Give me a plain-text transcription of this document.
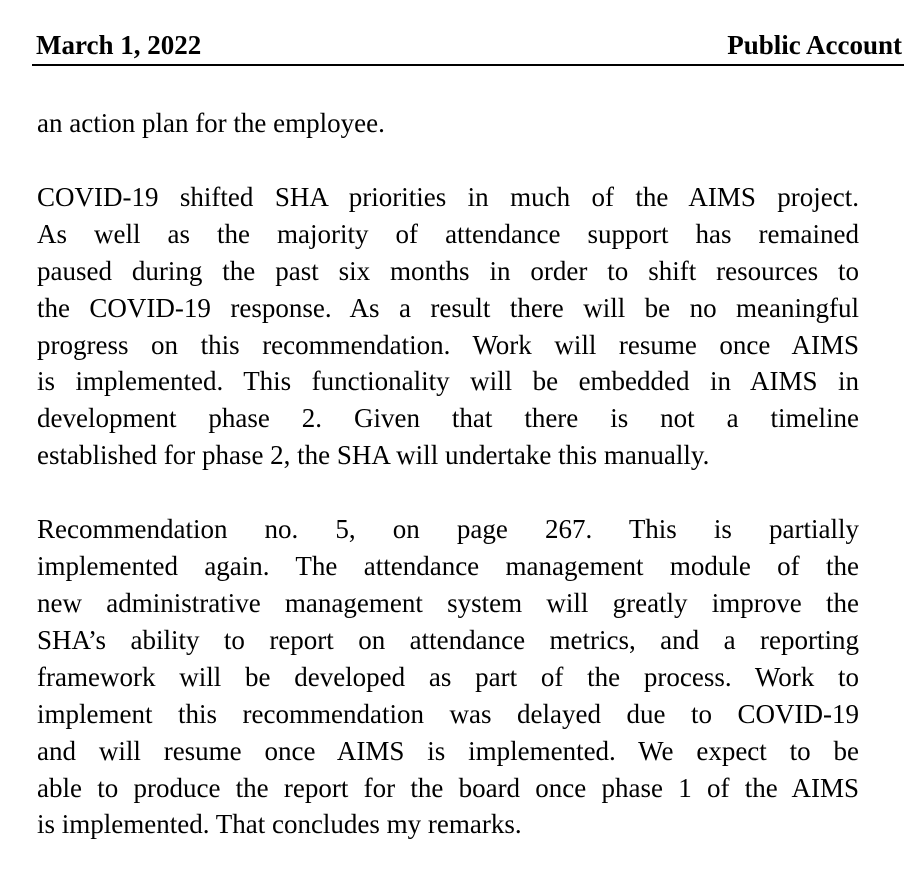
March 1, 2022	Public Account

an action plan for the employee.

COVID-19 shifted SHA priorities in much of the AIMS project.
As well as the majority of attendance support has remained
paused during the past six months in order to shift resources to
the COVID-19 response. As a result there will be no meaningful
progress on this recommendation. Work will resume once AIMS
is implemented. This functionality will be embedded in AIMS in
development phase 2. Given that there is not a timeline
established for phase 2, the SHA will undertake this manually.

Recommendation no. 5, on page 267. This is partially
implemented again. The attendance management module of the
new administrative management system will greatly improve the
SHA’s ability to report on attendance metrics, and a reporting
framework will be developed as part of the process. Work to
implement this recommendation was delayed due to COVID-19
and will resume once AIMS is implemented. We expect to be
able to produce the report for the board once phase 1 of the AIMS
is implemented. That concludes my remarks.
